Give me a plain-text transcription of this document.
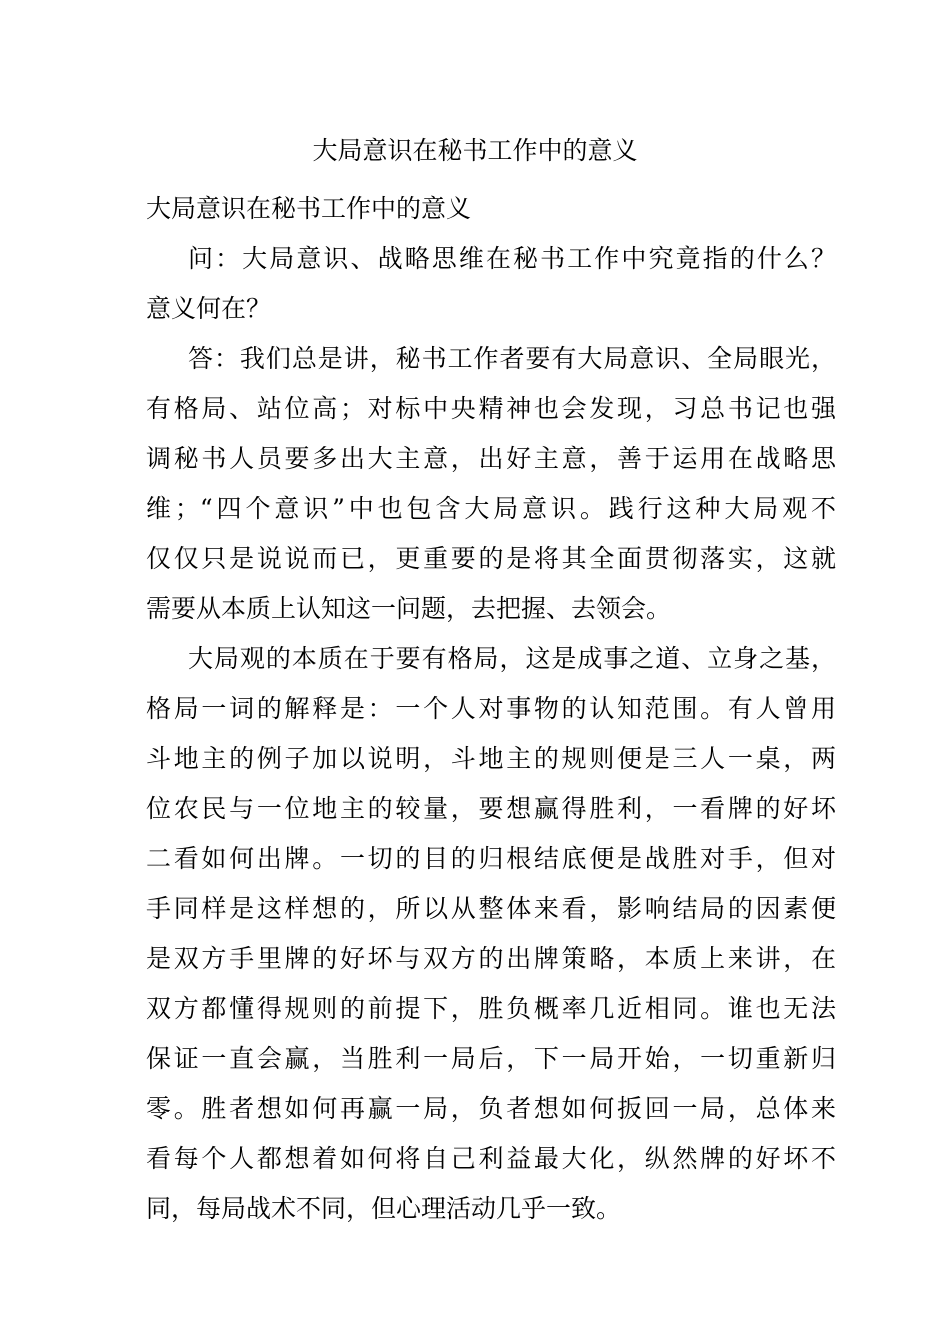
大局意识在秘书工作中的意义
大局意识在秘书工作中的意义
问：大局意识、战略思维在秘书工作中究竟指的什么？
意义何在？
答：我们总是讲，秘书工作者要有大局意识、全局眼光，
有格局、站位高；对标中央精神也会发现，习总书记也强
调秘书人员要多出大主意，出好主意，善于运用在战略思
维；“四个意识”中也包含大局意识。践行这种大局观不
仅仅只是说说而已，更重要的是将其全面贯彻落实，这就
需要从本质上认知这一问题，去把握、去领会。
大局观的本质在于要有格局，这是成事之道、立身之基，
格局一词的解释是：一个人对事物的认知范围。有人曾用
斗地主的例子加以说明，斗地主的规则便是三人一桌，两
位农民与一位地主的较量，要想赢得胜利，一看牌的好坏
二看如何出牌。一切的目的归根结底便是战胜对手，但对
手同样是这样想的，所以从整体来看，影响结局的因素便
是双方手里牌的好坏与双方的出牌策略，本质上来讲，在
双方都懂得规则的前提下，胜负概率几近相同。谁也无法
保证一直会赢，当胜利一局后，下一局开始，一切重新归
零。胜者想如何再赢一局，负者想如何扳回一局，总体来
看每个人都想着如何将自己利益最大化，纵然牌的好坏不
同，每局战术不同，但心理活动几乎一致。
